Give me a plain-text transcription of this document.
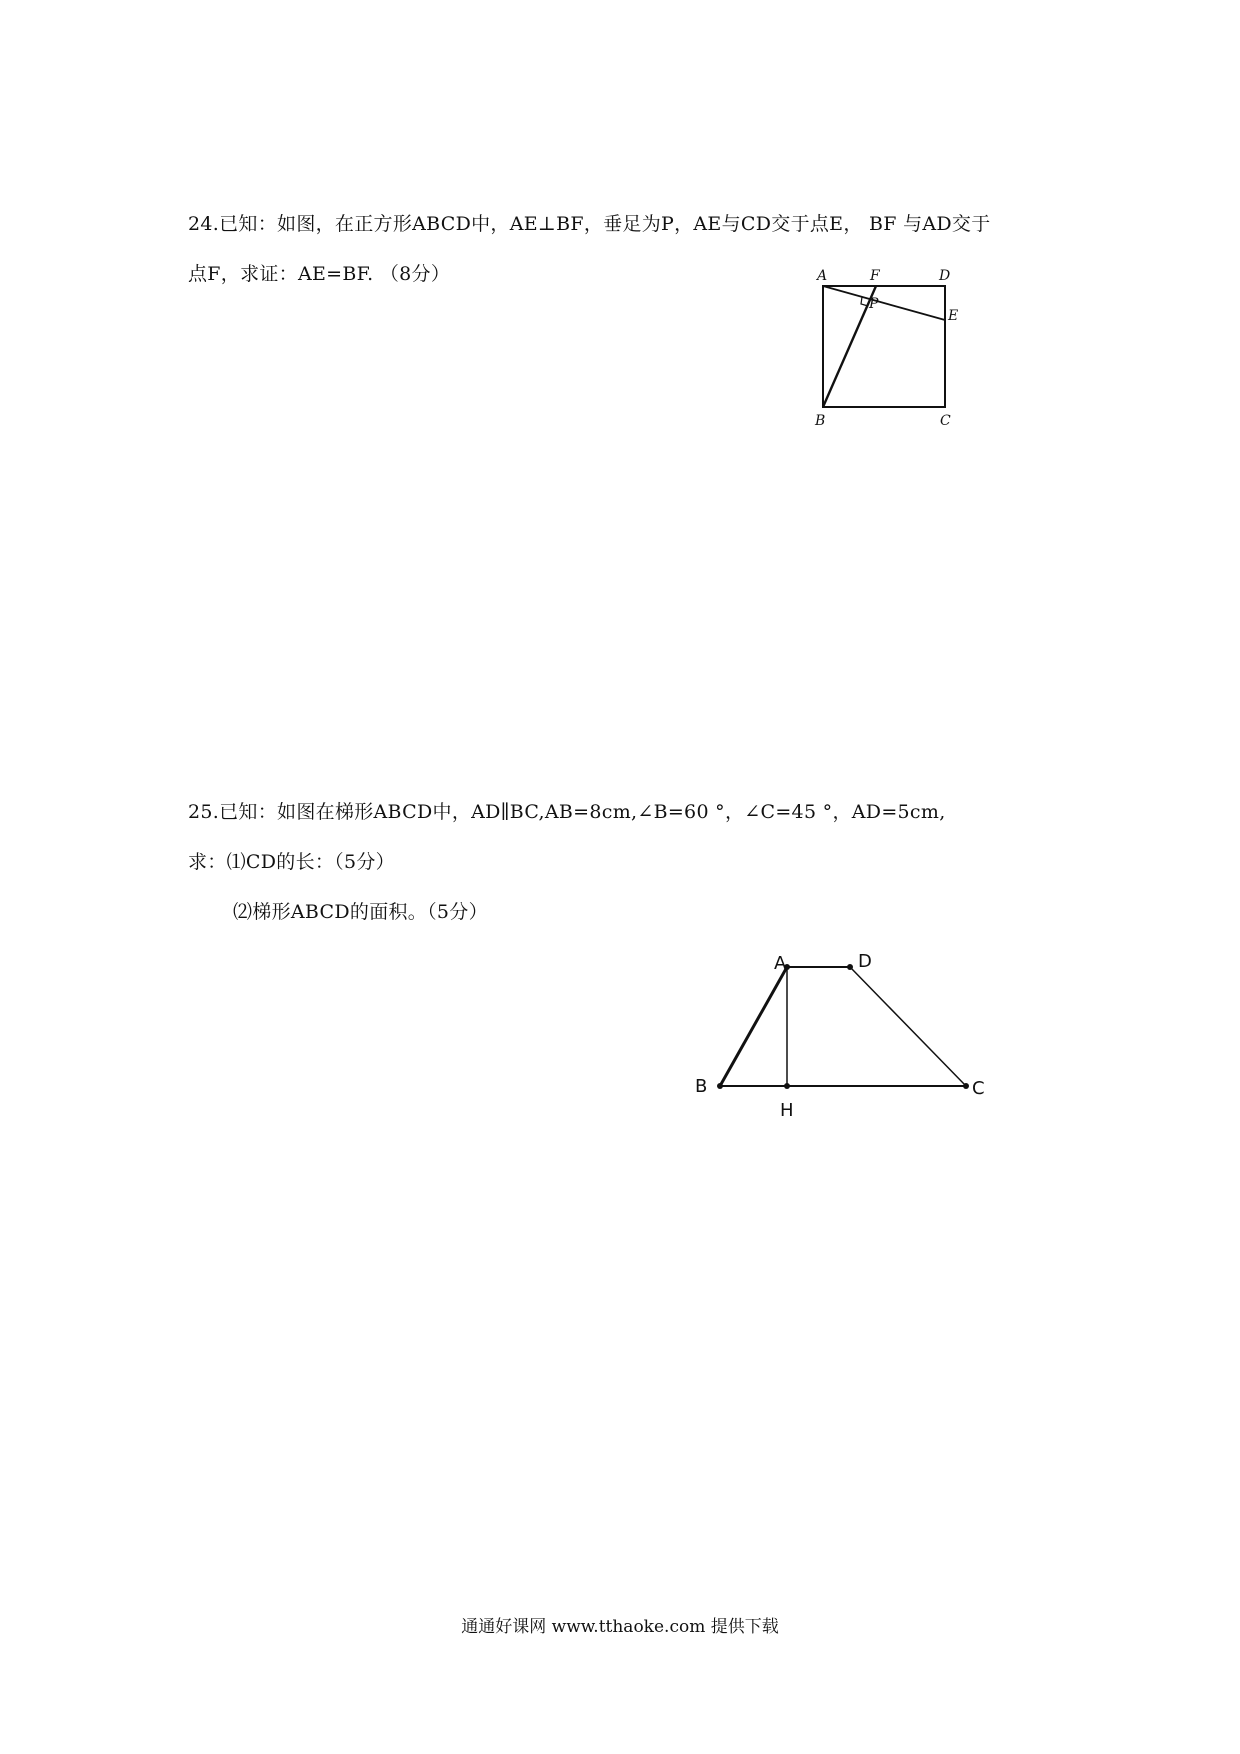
24.已知：如图，在正方形ABCD中，AE⊥BF，垂足为P，AE与CD交于点E， BF 与AD交于
点F，求证：AE=BF. （8分）	A	F	D
P
E
B	C
25.已知：如图在梯形ABCD中，AD∥BC,AB=8cm,∠B=60 °，∠C=45 °，AD=5cm,
求：⑴CD的长：（5分）
⑵梯形ABCD的面积。（5分）
A	D
B	C
H
通通好课网 www.tthaoke.com 提供下载
